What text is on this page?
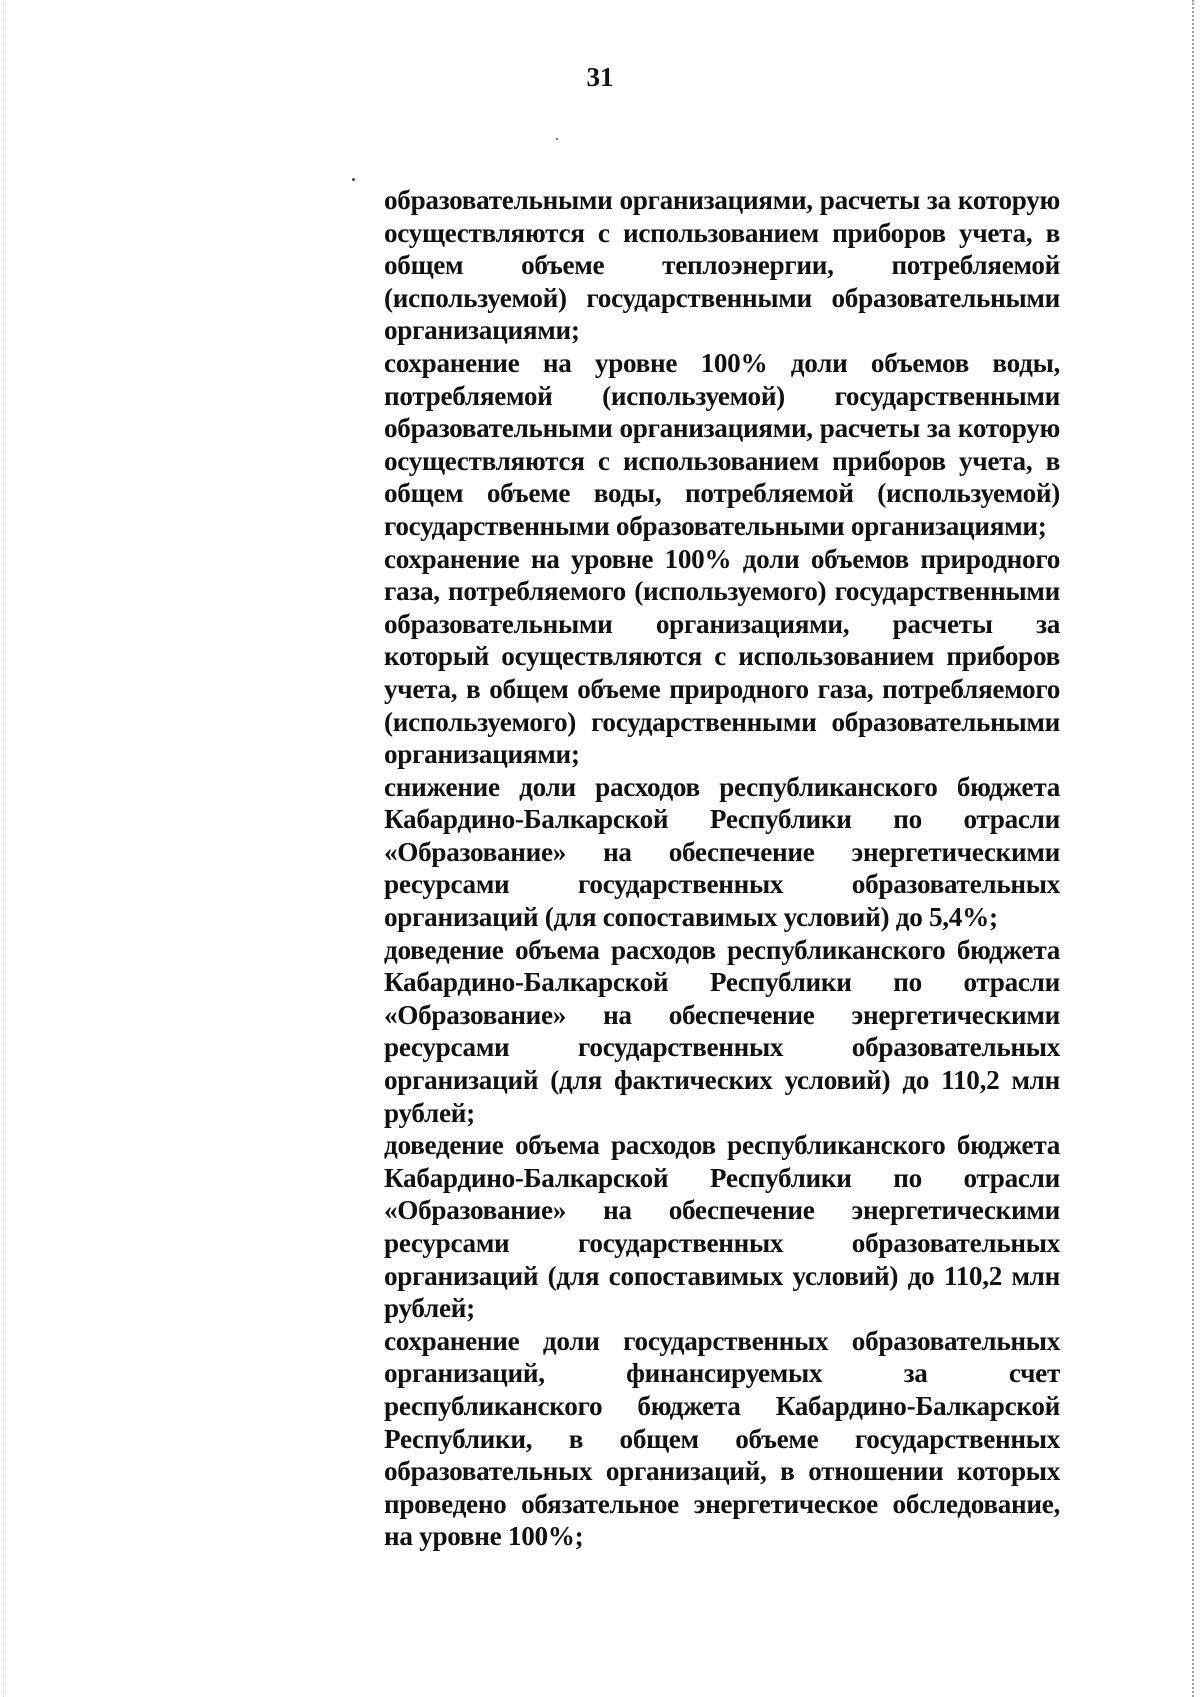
31

образовательными организациями, расчеты за которую осуществляются с использованием приборов учета, в общем объеме теплоэнергии, потребляемой (используемой) государственными образовательными организациями;

сохранение на уровне 100% доли объемов воды, потребляемой (используемой) государственными образовательными организациями, расчеты за которую осуществляются с использованием приборов учета, в общем объеме воды, потребляемой (используемой) государственными образовательными организациями;

сохранение на уровне 100% доли объемов природного газа, потребляемого (используемого) государственными образовательными организациями, расчеты за который осуществляются с использованием приборов учета, в общем объеме природного газа, потребляемого (используемого) государственными образовательными организациями;

снижение доли расходов республиканского бюджета Кабардино-Балкарской Республики по отрасли «Образование» на обеспечение энергетическими ресурсами государственных образовательных организаций (для сопоставимых условий) до 5,4%;

доведение объема расходов республиканского бюджета Кабардино-Балкарской Республики по отрасли «Образование» на обеспечение энергетическими ресурсами государственных образовательных организаций (для фактических условий) до 110,2 млн рублей;

доведение объема расходов республиканского бюджета Кабардино-Балкарской Республики по отрасли «Образование» на обеспечение энергетическими ресурсами государственных образовательных организаций (для сопоставимых условий) до 110,2 млн рублей;

сохранение доли государственных образовательных организаций, финансируемых за счет республиканского бюджета Кабардино-Балкарской Республики, в общем объеме государственных образовательных организаций, в отношении которых проведено обязательное энергетическое обследование, на уровне 100%;
